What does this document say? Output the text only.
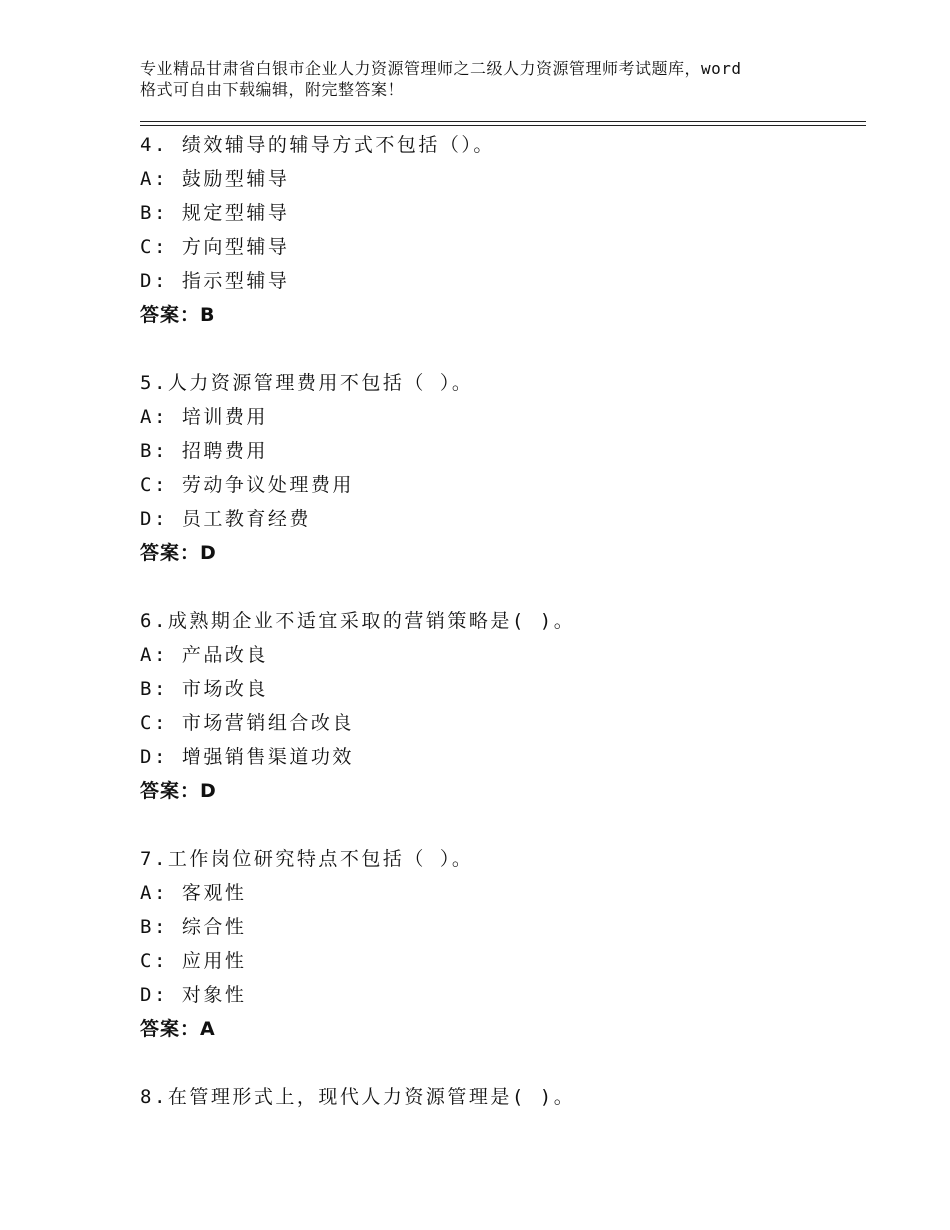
专业精品甘肃省白银市企业人力资源管理师之二级人力资源管理师考试题库，word
格式可自由下载编辑，附完整答案！
4. 绩效辅导的辅导方式不包括（）。
A: 鼓励型辅导
B: 规定型辅导
C: 方向型辅导
D: 指示型辅导
答案：B
5.人力资源管理费用不包括（ ）。
A: 培训费用
B: 招聘费用
C: 劳动争议处理费用
D: 员工教育经费
答案：D
6.成熟期企业不适宜采取的营销策略是( )。
A: 产品改良
B: 市场改良
C: 市场营销组合改良
D: 增强销售渠道功效
答案：D
7.工作岗位研究特点不包括（ ）。
A: 客观性
B: 综合性
C: 应用性
D: 对象性
答案：A
8.在管理形式上，现代人力资源管理是( )。
